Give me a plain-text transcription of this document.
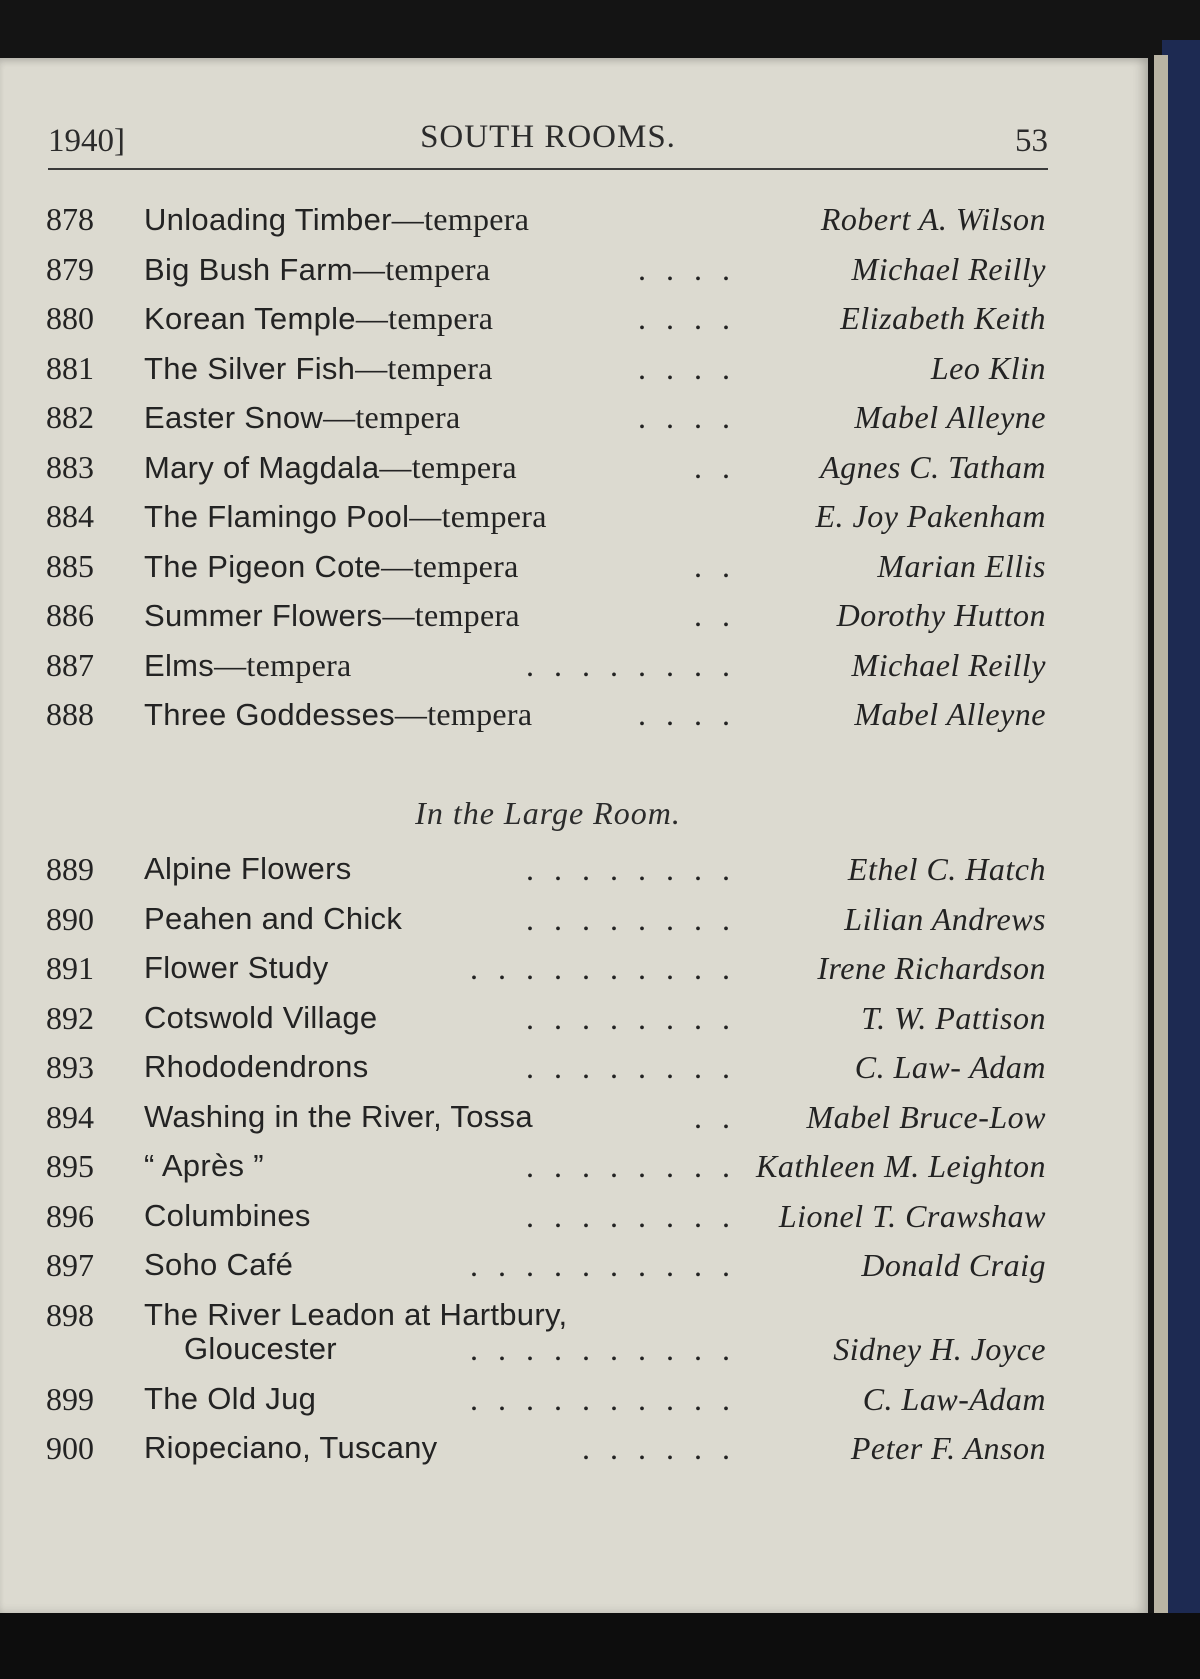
1940]	SOUTH ROOMS.	53
878 Unloading Timber—tempera	Robert A. Wilson
879 Big Bush Farm—tempera	. . . .	Michael Reilly
880 Korean Temple—tempera	. . . .	Elizabeth Keith
881 The Silver Fish—tempera	. . . .	Leo Klin
882 Easter Snow—tempera	. . . .	Mabel Alleyne
883 Mary of Magdala—tempera	. .	Agnes C. Tatham
884 The Flamingo Pool—tempera	E. Joy Pakenham
885 The Pigeon Cote—tempera	. .	Marian Ellis
886 Summer Flowers—tempera	. .	Dorothy Hutton
887 Elms—tempera	. . . . . . . .	Michael Reilly
888 Three Goddesses—tempera	. . . .	Mabel Alleyne
In the Large Room.
889 Alpine Flowers	. . . . . . . .	Ethel C. Hatch
890 Peahen and Chick	. . . . . . . .	Lilian Andrews
891 Flower Study	. . . . . . . . . .	Irene Richardson
892 Cotswold Village	. . . . . . . .	T. W. Pattison
893 Rhododendrons	. . . . . . . .	C. Law- Adam
894 Washing in the River, Tossa	. . Mabel Bruce-Low
895 “ Après ”	. . . . . . . . Kathleen M. Leighton
896 Columbines	. . . . . . . . Lionel T. Crawshaw
897 Soho Café	. . . . . . . . . .	Donald Craig
898 The River Leadon at Hartbury,
Gloucester	. . . . . . . . . .	Sidney H. Joyce
899 The Old Jug	. . . . . . . . . .	C. Law-Adam
900 Riopeciano, Tuscany	. . . . . .	Peter F. Anson
